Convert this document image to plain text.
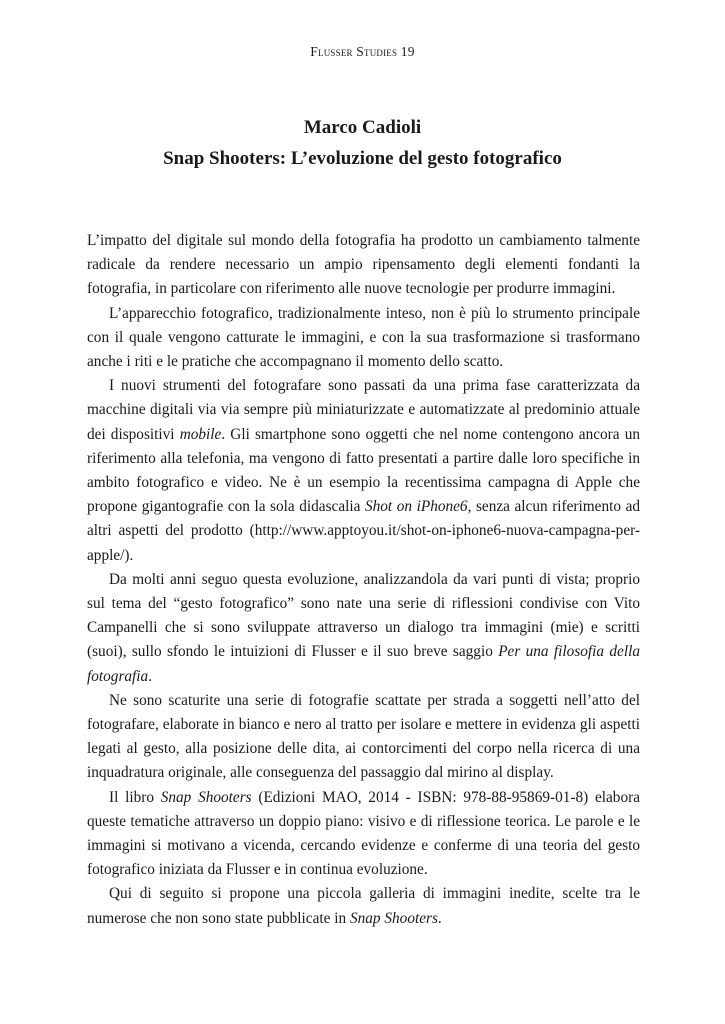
Flusser Studies 19
Marco Cadioli
Snap Shooters: L’evoluzione del gesto fotografico

L’impatto del digitale sul mondo della fotografia ha prodotto un cambiamento talmente radicale da rendere necessario un ampio ripensamento degli elementi fondanti la fotografia, in particolare con riferimento alle nuove tecnologie per produrre immagini.

L’apparecchio fotografico, tradizionalmente inteso, non è più lo strumento principale con il quale vengono catturate le immagini, e con la sua trasformazione si trasformano anche i riti e le pratiche che accompagnano il momento dello scatto.

I nuovi strumenti del fotografare sono passati da una prima fase caratterizzata da macchine digitali via via sempre più miniaturizzate e automatizzate al predominio attuale dei dispositivi mobile. Gli smartphone sono oggetti che nel nome contengono ancora un riferimento alla telefonia, ma vengono di fatto presentati a partire dalle loro specifiche in ambito fotografico e video. Ne è un esempio la recentissima campagna di Apple che propone gigantografie con la sola didascalia Shot on iPhone6, senza alcun riferimento ad altri aspetti del prodotto (http://www.apptoyou.it/shot-on-iphone6-nuova-campagna-per-apple/).

Da molti anni seguo questa evoluzione, analizzandola da vari punti di vista; proprio sul tema del “gesto fotografico” sono nate una serie di riflessioni condivise con Vito Campanelli che si sono sviluppate attraverso un dialogo tra immagini (mie) e scritti (suoi), sullo sfondo le intuizioni di Flusser e il suo breve saggio Per una filosofia della fotografia.

Ne sono scaturite una serie di fotografie scattate per strada a soggetti nell’atto del fotografare, elaborate in bianco e nero al tratto per isolare e mettere in evidenza gli aspetti legati al gesto, alla posizione delle dita, ai contorcimenti del corpo nella ricerca di una inquadratura originale, alle conseguenza del passaggio dal mirino al display.

Il libro Snap Shooters (Edizioni MAO, 2014 - ISBN: 978-88-95869-01-8) elabora queste tematiche attraverso un doppio piano: visivo e di riflessione teorica. Le parole e le immagini si motivano a vicenda, cercando evidenze e conferme di una teoria del gesto fotografico iniziata da Flusser e in continua evoluzione.

Qui di seguito si propone una piccola galleria di immagini inedite, scelte tra le numerose che non sono state pubblicate in Snap Shooters.
